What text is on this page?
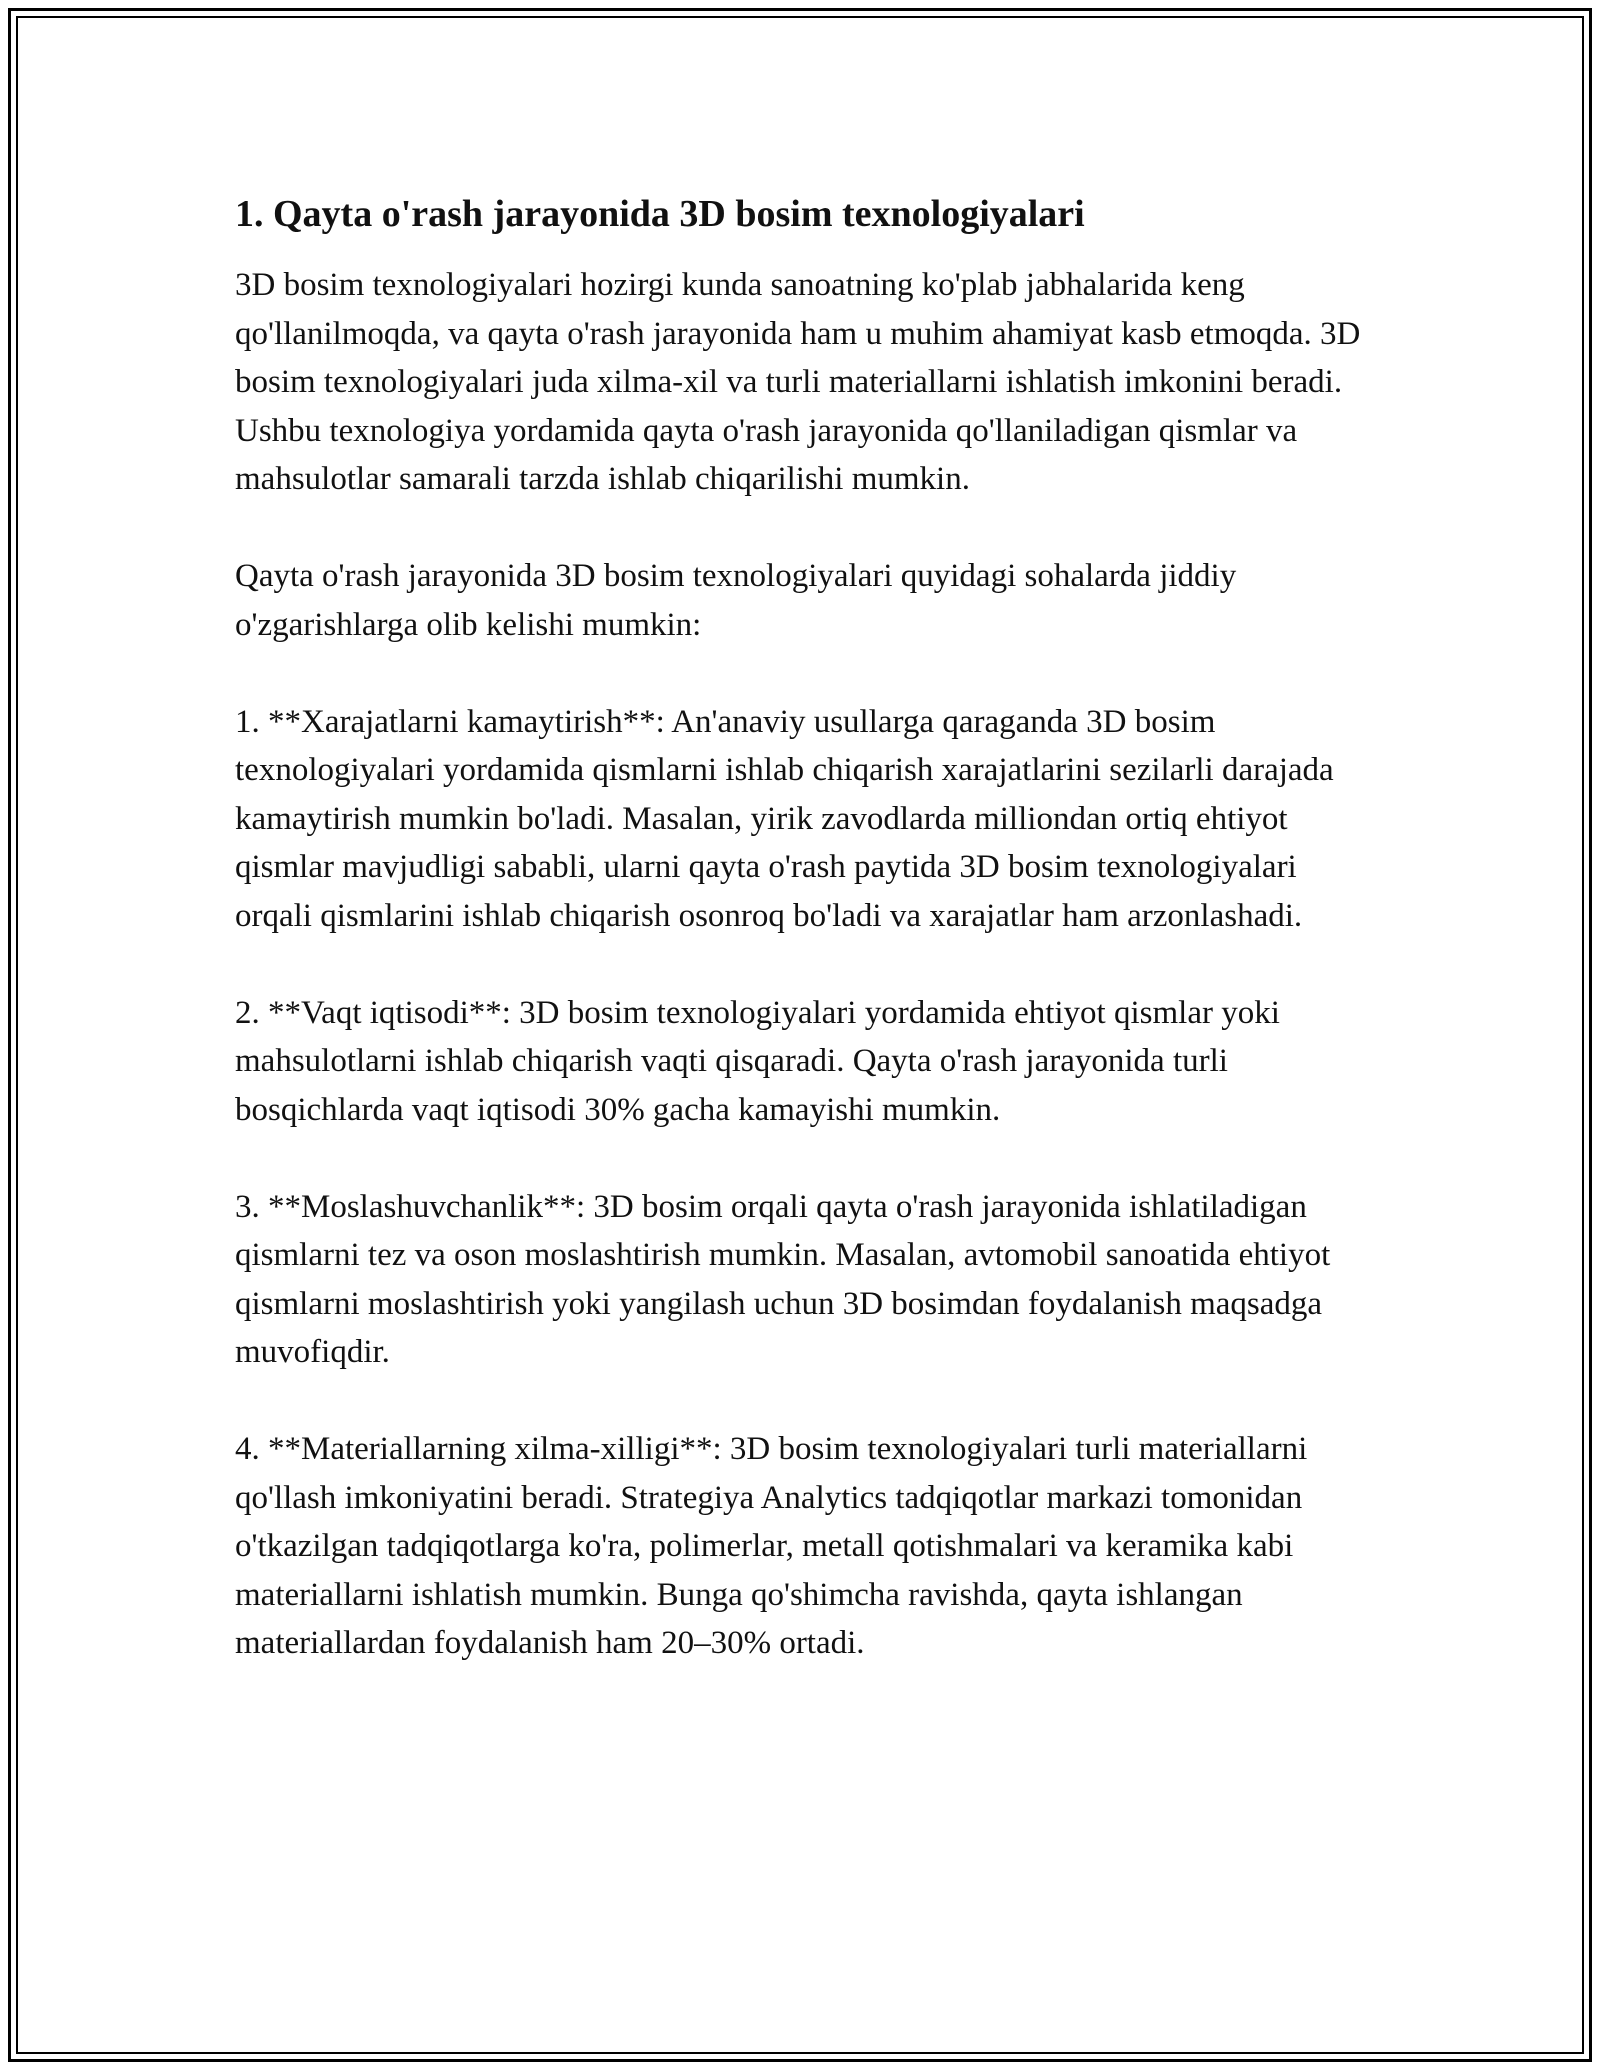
1. Qayta o'rash jarayonida 3D bosim texnologiyalari

3D bosim texnologiyalari hozirgi kunda sanoatning ko'plab jabhalarida keng qo'llanilmoqda, va qayta o'rash jarayonida ham u muhim ahamiyat kasb etmoqda. 3D bosim texnologiyalari juda xilma-xil va turli materiallarni ishlatish imkonini beradi. Ushbu texnologiya yordamida qayta o'rash jarayonida qo'llaniladigan qismlar va mahsulotlar samarali tarzda ishlab chiqarilishi mumkin.

Qayta o'rash jarayonida 3D bosim texnologiyalari quyidagi sohalarda jiddiy o'zgarishlarga olib kelishi mumkin:

1. **Xarajatlarni kamaytirish**: An'anaviy usullarga qaraganda 3D bosim texnologiyalari yordamida qismlarni ishlab chiqarish xarajatlarini sezilarli darajada kamaytirish mumkin bo'ladi. Masalan, yirik zavodlarda milliondan ortiq ehtiyot qismlar mavjudligi sababli, ularni qayta o'rash paytida 3D bosim texnologiyalari orqali qismlarini ishlab chiqarish osonroq bo'ladi va xarajatlar ham arzonlashadi.

2. **Vaqt iqtisodi**: 3D bosim texnologiyalari yordamida ehtiyot qismlar yoki mahsulotlarni ishlab chiqarish vaqti qisqaradi. Qayta o'rash jarayonida turli bosqichlarda vaqt iqtisodi 30% gacha kamayishi mumkin.

3. **Moslashuvchanlik**: 3D bosim orqali qayta o'rash jarayonida ishlatiladigan qismlarni tez va oson moslashtirish mumkin. Masalan, avtomobil sanoatida ehtiyot qismlarni moslashtirish yoki yangilash uchun 3D bosimdan foydalanish maqsadga muvofiqdir.

4. **Materiallarning xilma-xilligi**: 3D bosim texnologiyalari turli materiallarni qo'llash imkoniyatini beradi. Strategiya Analytics tadqiqotlar markazi tomonidan o'tkazilgan tadqiqotlarga ko'ra, polimerlar, metall qotishmalari va keramika kabi materiallarni ishlatish mumkin. Bunga qo'shimcha ravishda, qayta ishlangan materiallardan foydalanish ham 20–30% ortadi.
